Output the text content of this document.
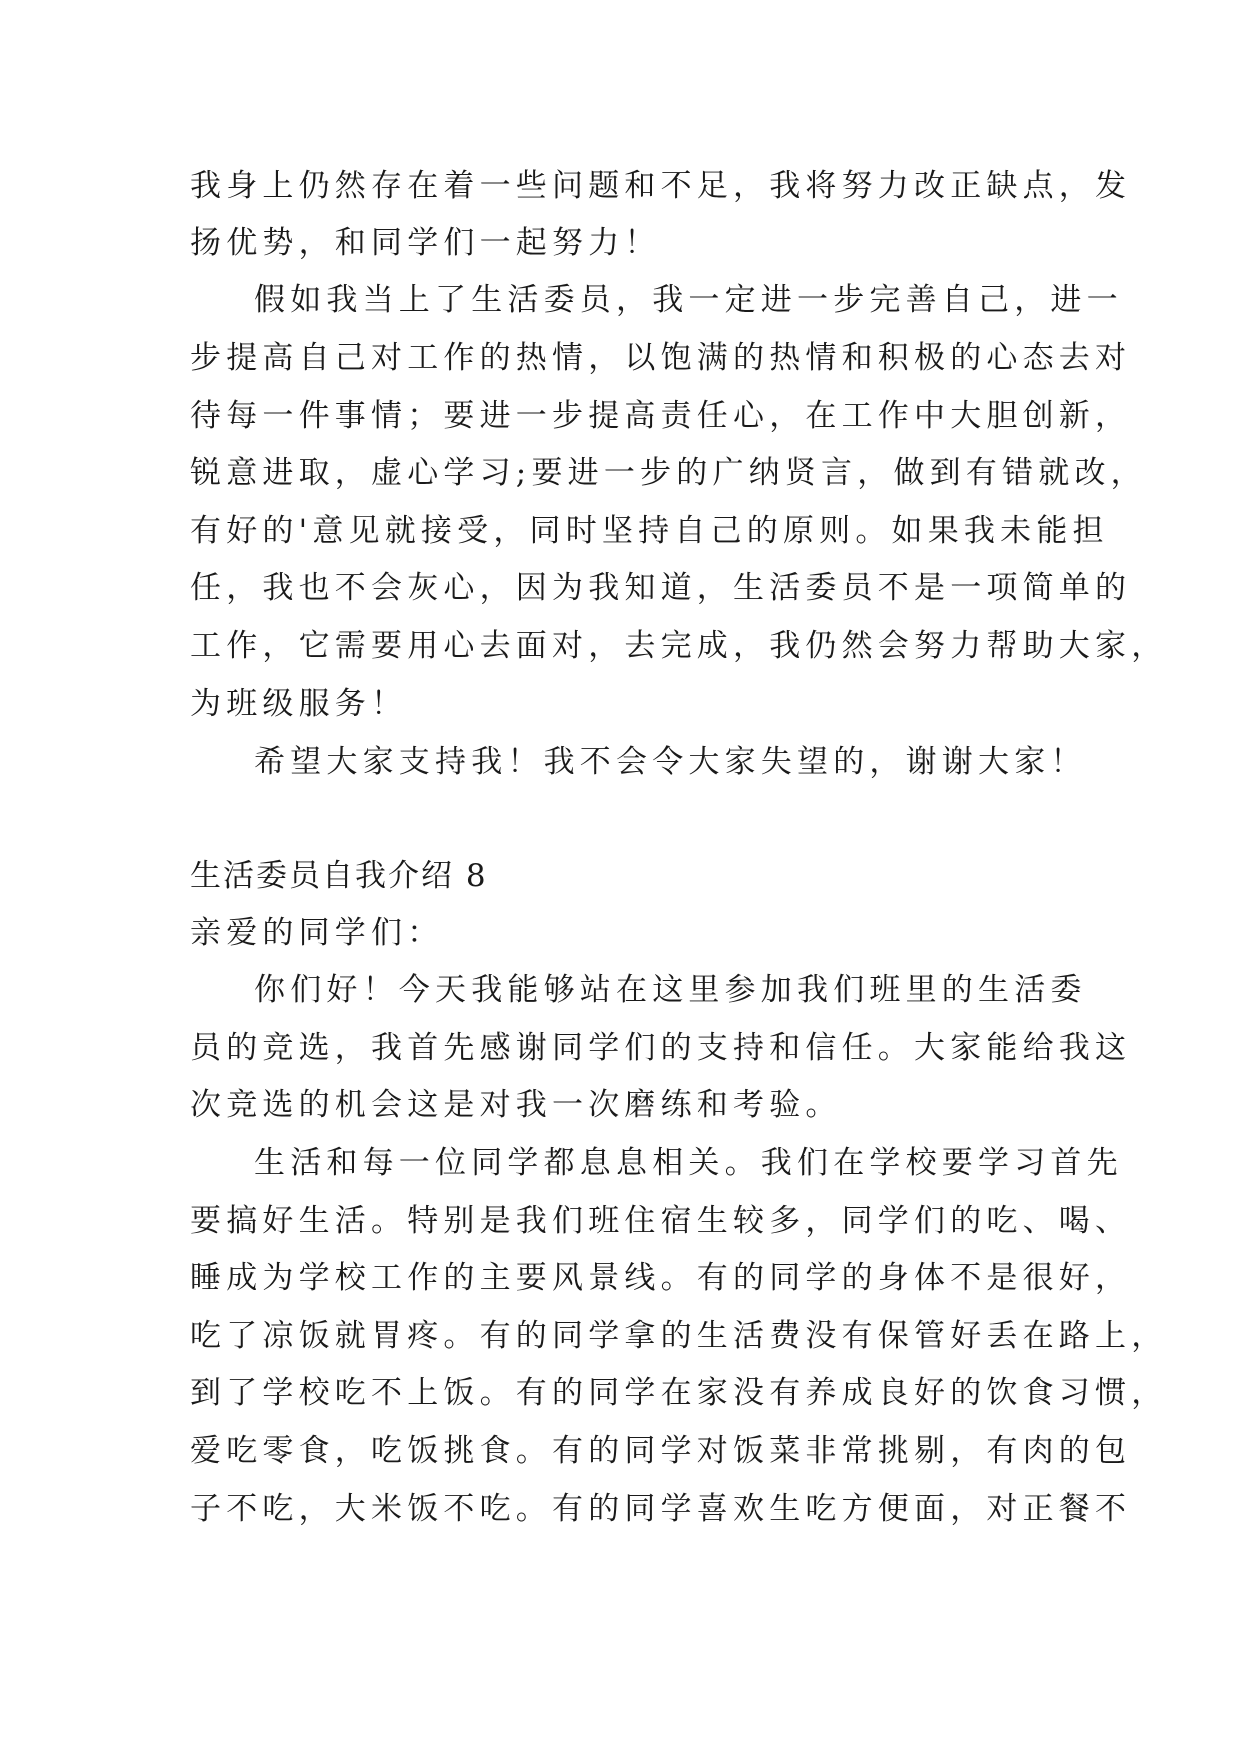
我身上仍然存在着一些问题和不足，我将努力改正缺点，发
扬优势，和同学们一起努力！
假如我当上了生活委员，我一定进一步完善自己，进一
步提高自己对工作的热情，以饱满的热情和积极的心态去对
待每一件事情；要进一步提高责任心，在工作中大胆创新，
锐意进取，虚心学习;要进一步的广纳贤言，做到有错就改，
有好的'意见就接受，同时坚持自己的原则。如果我未能担
任，我也不会灰心，因为我知道，生活委员不是一项简单的
工作，它需要用心去面对，去完成，我仍然会努力帮助大家，
为班级服务！
希望大家支持我！我不会令大家失望的，谢谢大家！
生活委员自我介绍 8
亲爱的同学们：
你们好！今天我能够站在这里参加我们班里的生活委
员的竞选，我首先感谢同学们的支持和信任。大家能给我这
次竞选的机会这是对我一次磨练和考验。
生活和每一位同学都息息相关。我们在学校要学习首先
要搞好生活。特别是我们班住宿生较多，同学们的吃、喝、
睡成为学校工作的主要风景线。有的同学的身体不是很好，
吃了凉饭就胃疼。有的同学拿的生活费没有保管好丢在路上，
到了学校吃不上饭。有的同学在家没有养成良好的饮食习惯，
爱吃零食，吃饭挑食。有的同学对饭菜非常挑剔，有肉的包
子不吃，大米饭不吃。有的同学喜欢生吃方便面，对正餐不
